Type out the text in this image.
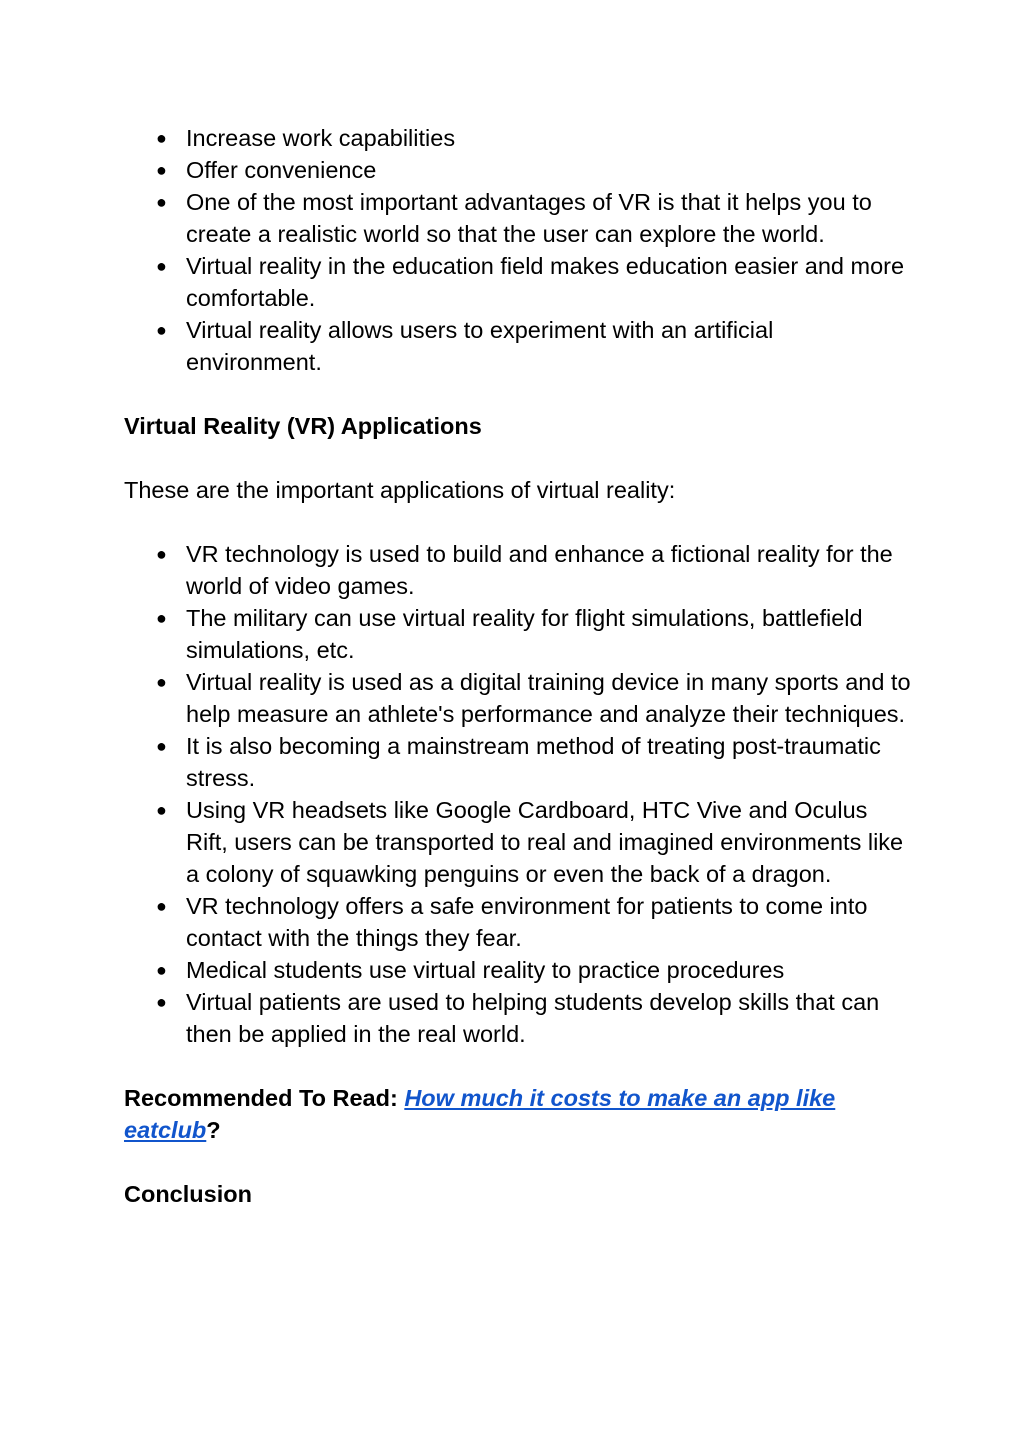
● Increase work capabilities
● Offer convenience
● One of the most important advantages of VR is that it helps you to create a realistic world so that the user can explore the world.
● Virtual reality in the education field makes education easier and more comfortable.
● Virtual reality allows users to experiment with an artificial environment.

Virtual Reality (VR) Applications

These are the important applications of virtual reality:

● VR technology is used to build and enhance a fictional reality for the world of video games.
● The military can use virtual reality for flight simulations, battlefield simulations, etc.
● Virtual reality is used as a digital training device in many sports and to help measure an athlete's performance and analyze their techniques.
● It is also becoming a mainstream method of treating post-traumatic stress.
● Using VR headsets like Google Cardboard, HTC Vive and Oculus Rift, users can be transported to real and imagined environments like a colony of squawking penguins or even the back of a dragon.
● VR technology offers a safe environment for patients to come into contact with the things they fear.
● Medical students use virtual reality to practice procedures
● Virtual patients are used to helping students develop skills that can then be applied in the real world.

Recommended To Read: How much it costs to make an app like eatclub?

Conclusion
